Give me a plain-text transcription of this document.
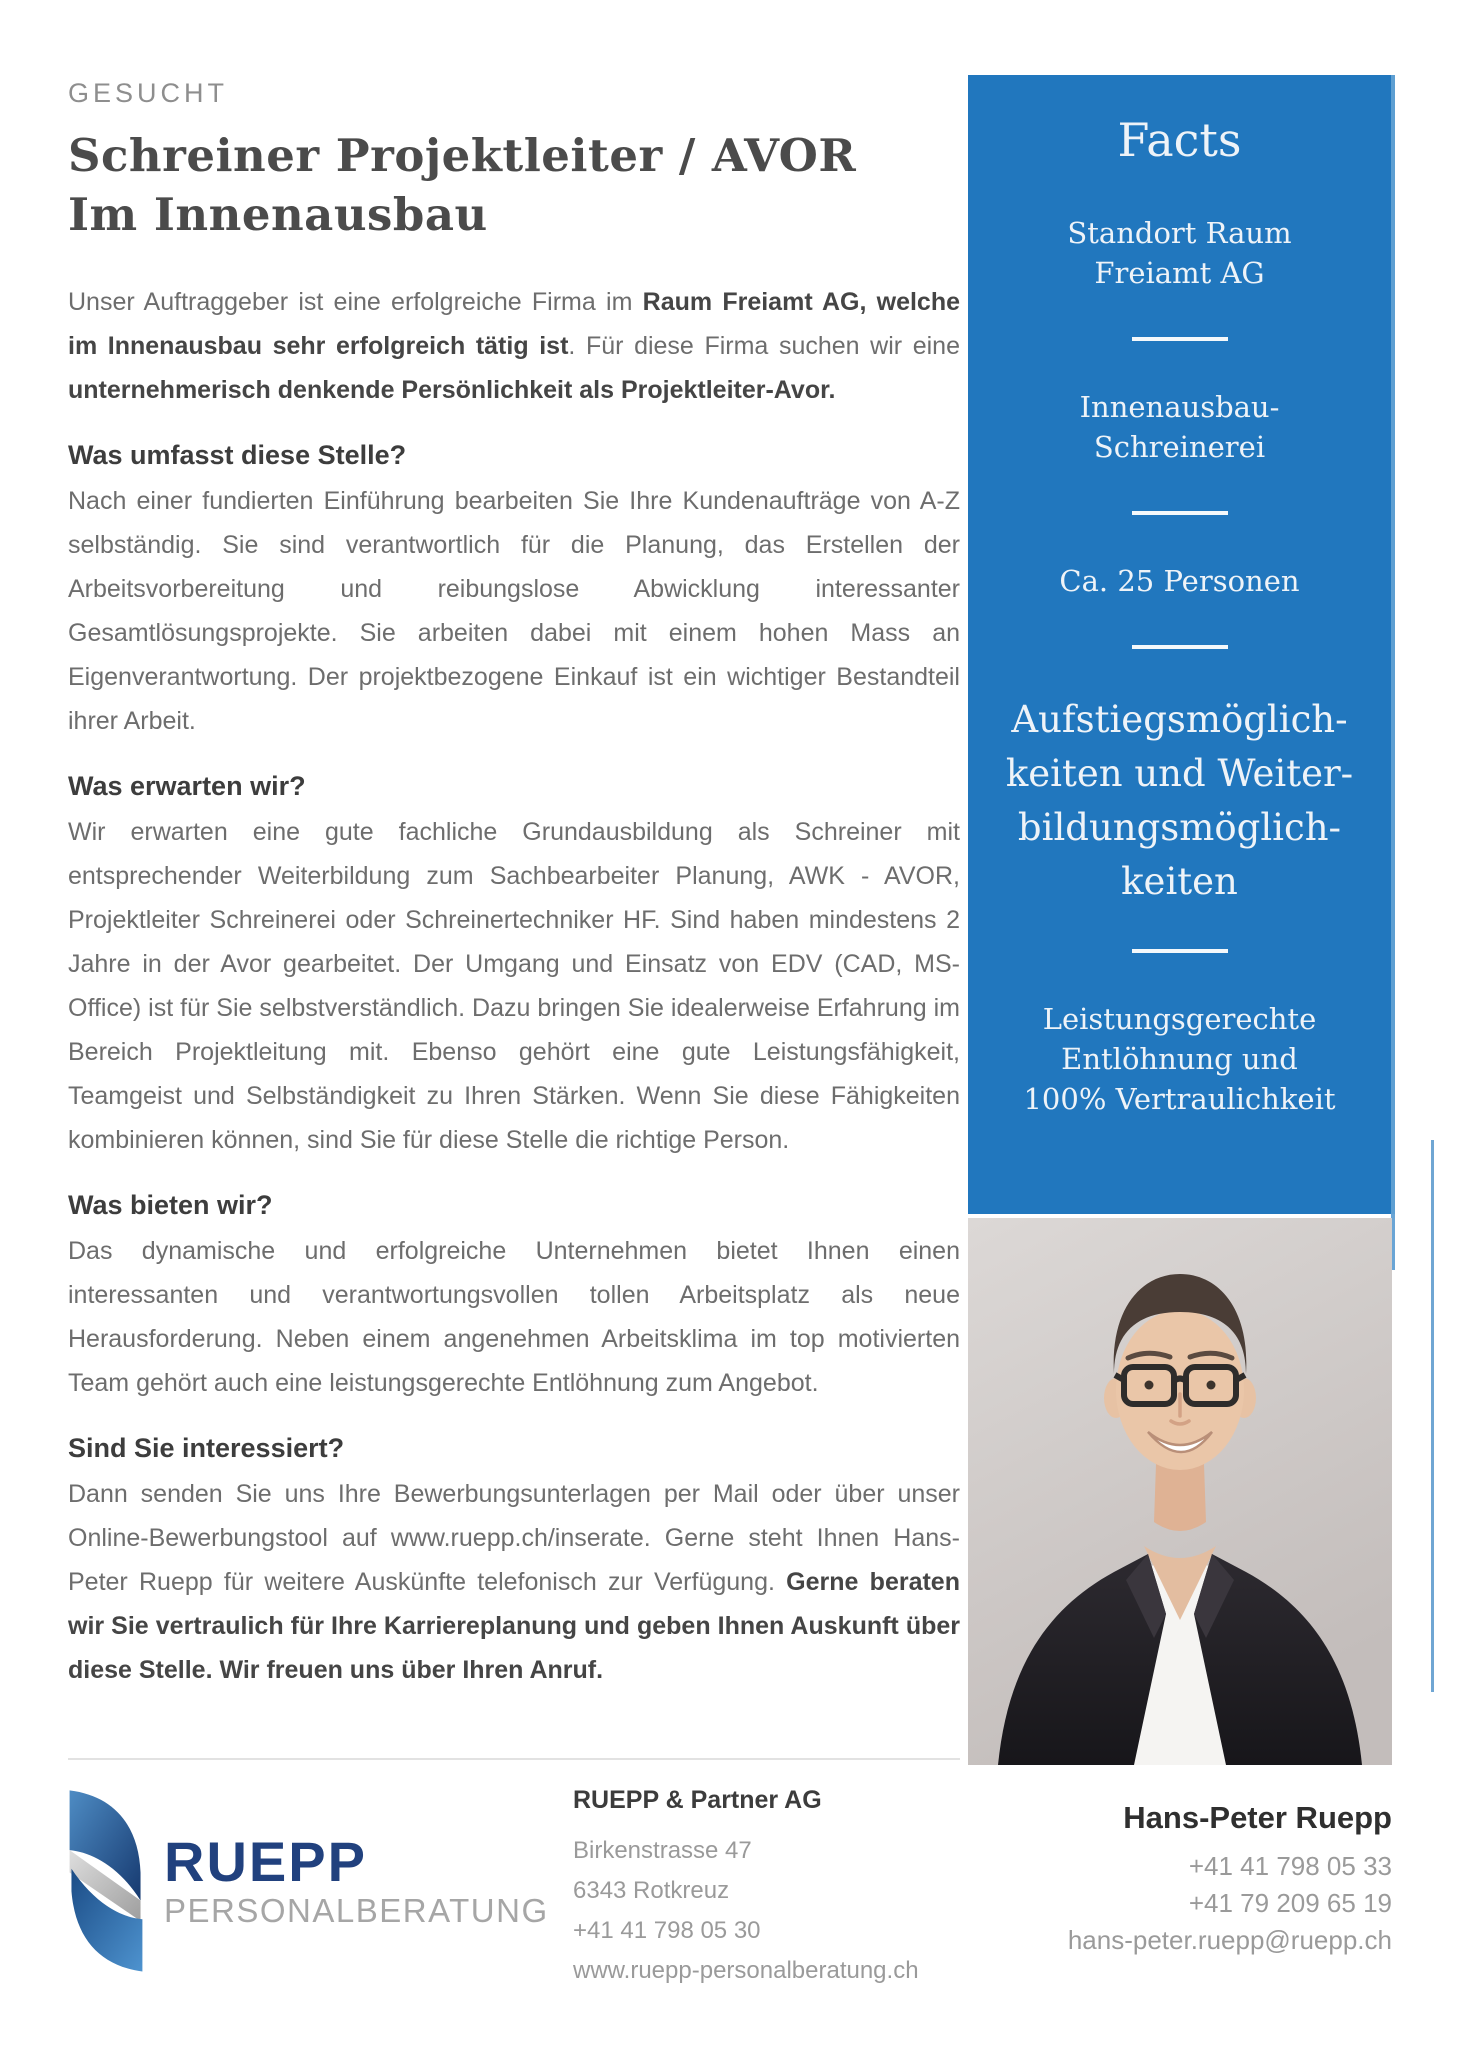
GESUCHT
Schreiner Projektleiter / AVOR
Im Innenausbau

Unser Auftraggeber ist eine erfolgreiche Firma im Raum Freiamt AG, welche im Innenausbau sehr erfolgreich tätig ist. Für diese Firma suchen wir eine unternehmerisch denkende Persönlichkeit als Projektleiter-Avor.

Was umfasst diese Stelle?

Nach einer fundierten Einführung bearbeiten Sie Ihre Kundenaufträge von A-Z selbständig. Sie sind verantwortlich für die Planung, das Erstellen der Arbeitsvorbereitung und reibungslose Abwicklung interessanter Gesamtlösungsprojekte. Sie arbeiten dabei mit einem hohen Mass an Eigenverantwortung. Der projektbezogene Einkauf ist ein wichtiger Bestandteil ihrer Arbeit.

Was erwarten wir?

Wir erwarten eine gute fachliche Grundausbildung als Schreiner mit entsprechender Weiterbildung zum Sachbearbeiter Planung, AWK - AVOR, Projektleiter Schreinerei oder Schreinertechniker HF. Sind haben mindestens 2 Jahre in der Avor gearbeitet. Der Umgang und Einsatz von EDV (CAD, MS-Office) ist für Sie selbstverständlich. Dazu bringen Sie idealerweise Erfahrung im Bereich Projektleitung mit. Ebenso gehört eine gute Leistungsfähigkeit, Teamgeist und Selbständigkeit zu Ihren Stärken. Wenn Sie diese Fähigkeiten kombinieren können, sind Sie für diese Stelle die richtige Person.

Was bieten wir?

Das dynamische und erfolgreiche Unternehmen bietet Ihnen einen interessanten und verantwortungsvollen tollen Arbeitsplatz als neue Herausforderung. Neben einem angenehmen Arbeitsklima im top motivierten Team gehört auch eine leistungsgerechte Entlöhnung zum Angebot.

Sind Sie interessiert?

Dann senden Sie uns Ihre Bewerbungsunterlagen per Mail oder über unser Online-Bewerbungstool auf www.ruepp.ch/inserate. Gerne steht Ihnen Hans-Peter Ruepp für weitere Auskünfte telefonisch zur Verfügung. Gerne beraten wir Sie vertraulich für Ihre Karriereplanung und geben Ihnen Auskunft über diese Stelle. Wir freuen uns über Ihren Anruf.

Facts
Standort Raum
Freiamt AG
Innenausbau-
Schreinerei
Ca. 25 Personen
Aufstiegsmöglich-
keiten und Weiter-
bildungsmöglich-
keiten
Leistungsgerechte
Entlöhnung und
100% Vertraulichkeit
RUEPP
PERSONALBERATUNG
RUEPP & Partner AG
Birkenstrasse 47
6343 Rotkreuz
+41 41 798 05 30
www.ruepp-personalberatung.ch
Hans-Peter Ruepp
+41 41 798 05 33
+41 79 209 65 19
hans-peter.ruepp@ruepp.ch
